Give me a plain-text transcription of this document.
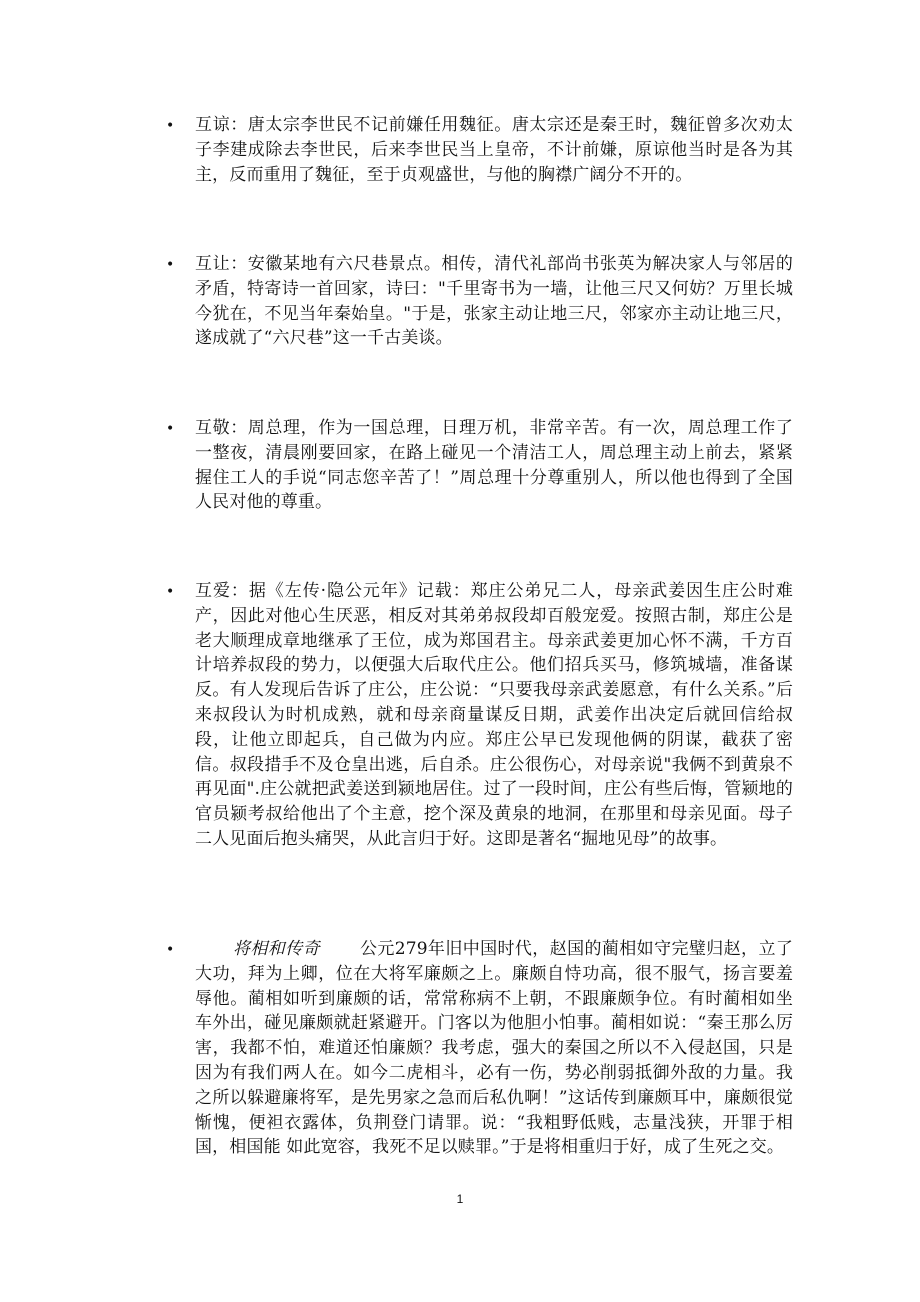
• 互谅：唐太宗李世民不记前嫌任用魏征。唐太宗还是秦王时，魏征曾多次劝太子李建成除去李世民，后来李世民当上皇帝，不计前嫌，原谅他当时是各为其主，反而重用了魏征，至于贞观盛世，与他的胸襟广阔分不开的。
• 互让：安徽某地有六尺巷景点。相传，清代礼部尚书张英为解决家人与邻居的矛盾，特寄诗一首回家，诗曰："千里寄书为一墙，让他三尺又何妨？万里长城今犹在，不见当年秦始皇。"于是，张家主动让地三尺，邻家亦主动让地三尺，遂成就了“六尺巷”这一千古美谈。
• 互敬：周总理，作为一国总理，日理万机，非常辛苦。有一次，周总理工作了一整夜，清晨刚要回家，在路上碰见一个清洁工人，周总理主动上前去，紧紧握住工人的手说“同志您辛苦了！”周总理十分尊重别人，所以他也得到了全国人民对他的尊重。
• 互爱：据《左传·隐公元年》记载：郑庄公弟兄二人，母亲武姜因生庄公时难产，因此对他心生厌恶，相反对其弟弟叔段却百般宠爱。按照古制，郑庄公是老大顺理成章地继承了王位，成为郑国君主。母亲武姜更加心怀不满，千方百计培养叔段的势力，以便强大后取代庄公。他们招兵买马，修筑城墙，准备谋反。有人发现后告诉了庄公，庄公说：“只要我母亲武姜愿意，有什么关系。”后来叔段认为时机成熟，就和母亲商量谋反日期，武姜作出决定后就回信给叔段，让他立即起兵，自己做为内应。郑庄公早已发现他俩的阴谋，截获了密信。叔段措手不及仓皇出逃，后自杀。庄公很伤心，对母亲说"我俩不到黄泉不再见面".庄公就把武姜送到颍地居住。过了一段时间，庄公有些后悔，管颍地的官员颍考叔给他出了个主意，挖个深及黄泉的地洞，在那里和母亲见面。母子二人见面后抱头痛哭，从此言归于好。这即是著名“掘地见母”的故事。
•	将相和传奇 公元279年旧中国时代，赵国的蔺相如守完璧归赵，立了大功，拜为上卿，位在大将军廉颇之上。廉颇自恃功高，很不服气，扬言要羞辱他。蔺相如听到廉颇的话，常常称病不上朝，不跟廉颇争位。有时蔺相如坐车外出，碰见廉颇就赶紧避开。门客以为他胆小怕事。蔺相如说：“秦王那么厉害，我都不怕，难道还怕廉颇？我考虑，强大的秦国之所以不入侵赵国，只是因为有我们两人在。如今二虎相斗，必有一伤，势必削弱抵御外敌的力量。我之所以躲避廉将军，是先男家之急而后私仇啊！”这话传到廉颇耳中，廉颇很觉惭愧，便袒衣露体，负荆登门请罪。说：“我粗野低贱，志量浅狭，开罪于相国，相国能 如此宽容，我死不足以赎罪。”于是将相重归于好，成了生死之交。
1
